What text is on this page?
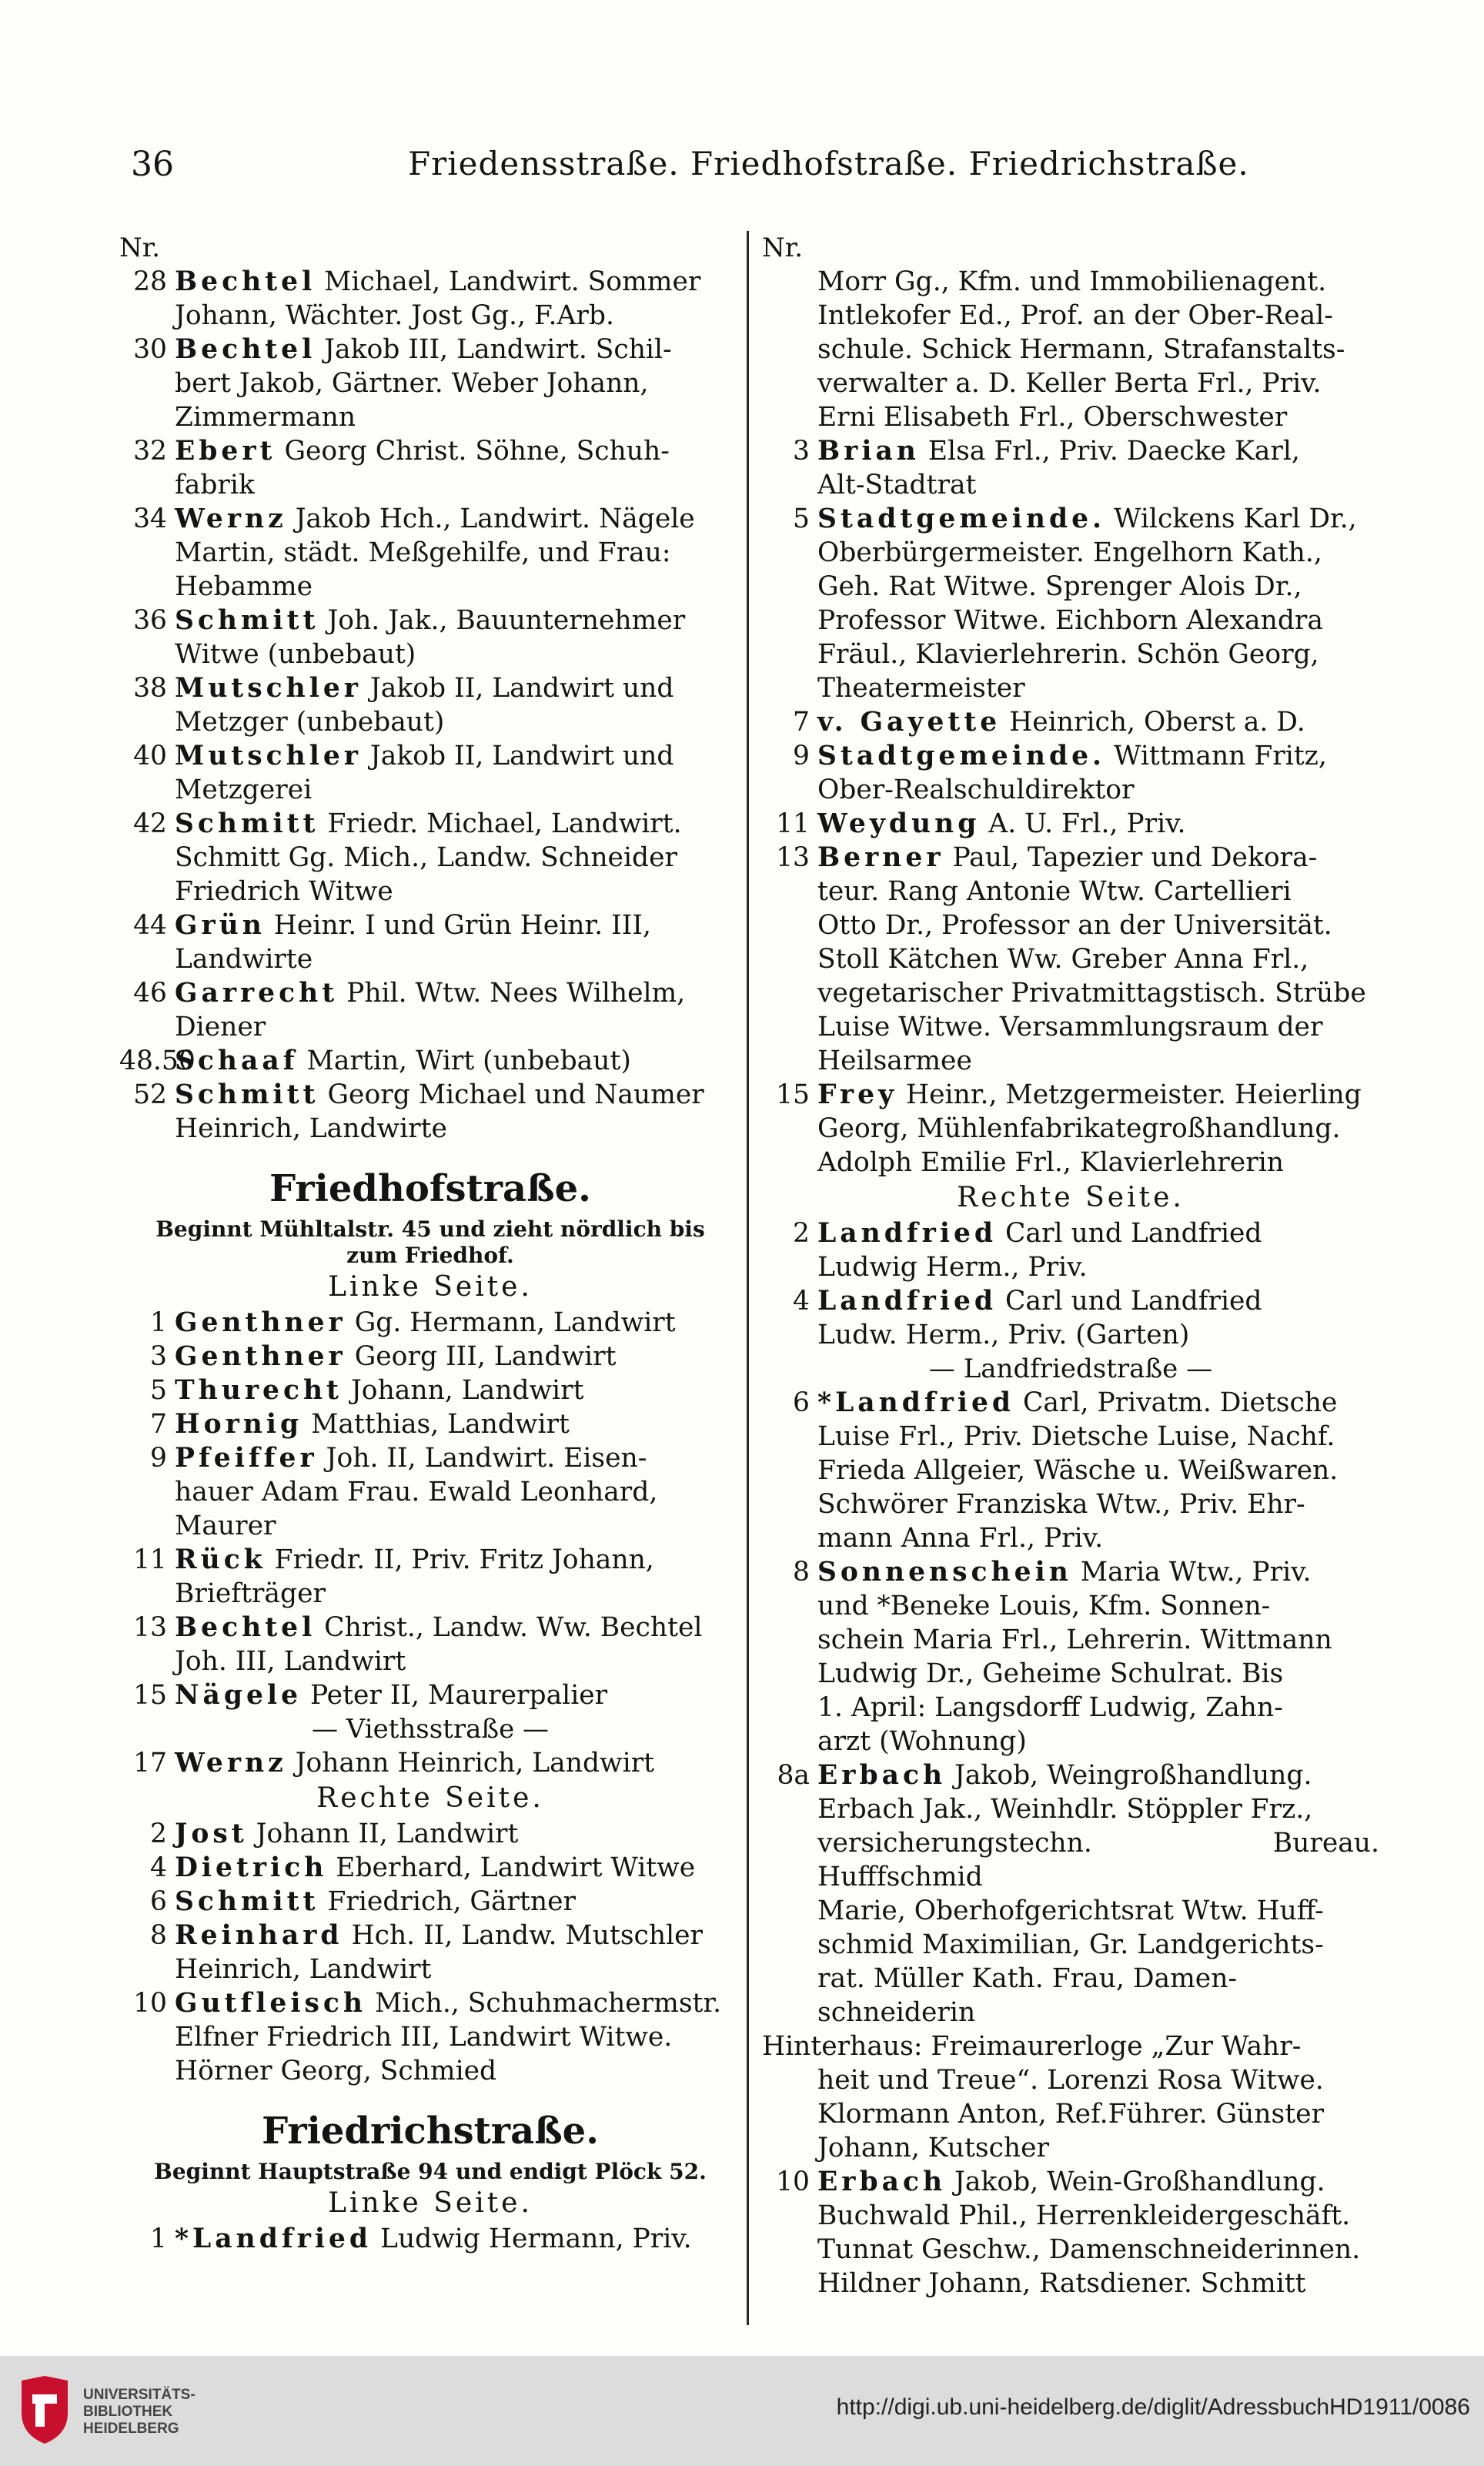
36	Friedensstraße. Friedhofstraße. Friedrichstraße.
Nr.
28 Bechtel Michael, Landwirt. Sommer
Johann, Wächter. Jost Gg., F.Arb.
30 Bechtel Jakob III, Landwirt. Schil-
bert Jakob, Gärtner. Weber Johann,
Zimmermann
32 Ebert Georg Christ. Söhne, Schuh-
fabrik
34 Wernz Jakob Hch., Landwirt. Nägele
Martin, städt. Meßgehilfe, und Frau:
Hebamme
36 Schmitt Joh. Jak., Bauunternehmer
Witwe (unbebaut)
38 Mutschler Jakob II, Landwirt und
Metzger (unbebaut)
40 Mutschler Jakob II, Landwirt und
Metzgerei
42 Schmitt Friedr. Michael, Landwirt.
Schmitt Gg. Mich., Landw. Schneider
Friedrich Witwe
44 Grün Heinr. I und Grün Heinr. III,
Landwirte
46 Garrecht Phil. Wtw. Nees Wilhelm,
Diener
48.50
Schaaf Martin, Wirt (unbebaut)
52 Schmitt Georg Michael und Naumer
Heinrich, Landwirte
Friedhofstraße.
Beginnt Mühltalstr. 45 und zieht nördlich bis
zum Friedhof.
Linke Seite.
1 Genthner Gg. Hermann, Landwirt
3 Genthner Georg III, Landwirt
5 Thurecht Johann, Landwirt
7 Hornig Matthias, Landwirt
9 Pfeiffer Joh. II, Landwirt. Eisen-
hauer Adam Frau. Ewald Leonhard,
Maurer
11 Rück Friedr. II, Priv. Fritz Johann,
Briefträger
13 Bechtel Christ., Landw. Ww. Bechtel
Joh. III, Landwirt
15 Nägele Peter II, Maurerpalier
— Viethsstraße —
17 Wernz Johann Heinrich, Landwirt
Rechte Seite.
2 Jost Johann II, Landwirt
4 Dietrich Eberhard, Landwirt Witwe
6 Schmitt Friedrich, Gärtner
8 Reinhard Hch. II, Landw. Mutschler
Heinrich, Landwirt
10 Gutfleisch Mich., Schuhmachermstr.
Elfner Friedrich III, Landwirt Witwe.
Hörner Georg, Schmied
Friedrichstraße.
Beginnt Hauptstraße 94 und endigt Plöck 52.
Linke Seite.
1 *Landfried Ludwig Hermann, Priv.
Nr.
Morr Gg., Kfm. und Immobilienagent.
Intlekofer Ed., Prof. an der Ober-Real-
schule. Schick Hermann, Strafanstalts-
verwalter a. D. Keller Berta Frl., Priv.
Erni Elisabeth Frl., Oberschwester
3 Brian Elsa Frl., Priv. Daecke Karl,
Alt-Stadtrat
5 Stadtgemeinde. Wilckens Karl Dr.,
Oberbürgermeister. Engelhorn Kath.,
Geh. Rat Witwe. Sprenger Alois Dr.,
Professor Witwe. Eichborn Alexandra
Fräul., Klavierlehrerin. Schön Georg,
Theatermeister
7 v. Gayette Heinrich, Oberst a. D.
9 Stadtgemeinde. Wittmann Fritz,
Ober-Realschuldirektor
11 Weydung A. U. Frl., Priv.
13 Berner Paul, Tapezier und Dekora-
teur. Rang Antonie Wtw. Cartellieri
Otto Dr., Professor an der Universität.
Stoll Kätchen Ww. Greber Anna Frl.,
vegetarischer Privatmittagstisch. Strübe
Luise Witwe. Versammlungsraum der
Heilsarmee
15 Frey Heinr., Metzgermeister. Heierling
Georg, Mühlenfabrikategroßhandlung.
Adolph Emilie Frl., Klavierlehrerin
Rechte Seite.
2 Landfried Carl und Landfried
Ludwig Herm., Priv.
4 Landfried Carl und Landfried
Ludw. Herm., Priv. (Garten)
— Landfriedstraße —
6 *Landfried Carl, Privatm. Dietsche
Luise Frl., Priv. Dietsche Luise, Nachf.
Frieda Allgeier, Wäsche u. Weißwaren.
Schwörer Franziska Wtw., Priv. Ehr-
mann Anna Frl., Priv.
8 Sonnenschein Maria Wtw., Priv.
und *Beneke Louis, Kfm. Sonnen-
schein Maria Frl., Lehrerin. Wittmann
Ludwig Dr., Geheime Schulrat. Bis
1. April: Langsdorff Ludwig, Zahn-
arzt (Wohnung)
8a Erbach Jakob, Weingroßhandlung.
Erbach Jak., Weinhdlr. Stöppler Frz.,
versicherungstechn. Bureau. Hufffschmid
Marie, Oberhofgerichtsrat Wtw. Huff-
schmid Maximilian, Gr. Landgerichts-
rat. Müller Kath. Frau, Damen-
schneiderin
Hinterhaus: Freimaurerloge „Zur Wahr-
heit und Treue“. Lorenzi Rosa Witwe.
Klormann Anton, Ref.Führer. Günster
Johann, Kutscher
10 Erbach Jakob, Wein-Großhandlung.
Buchwald Phil., Herrenkleidergeschäft.
Tunnat Geschw., Damenschneiderinnen.
Hildner Johann, Ratsdiener. Schmitt
UNIVERSITÄTS-
BIBLIOTHEK
HEIDELBERG
http://digi.ub.uni-heidelberg.de/diglit/AdressbuchHD1911/0086
